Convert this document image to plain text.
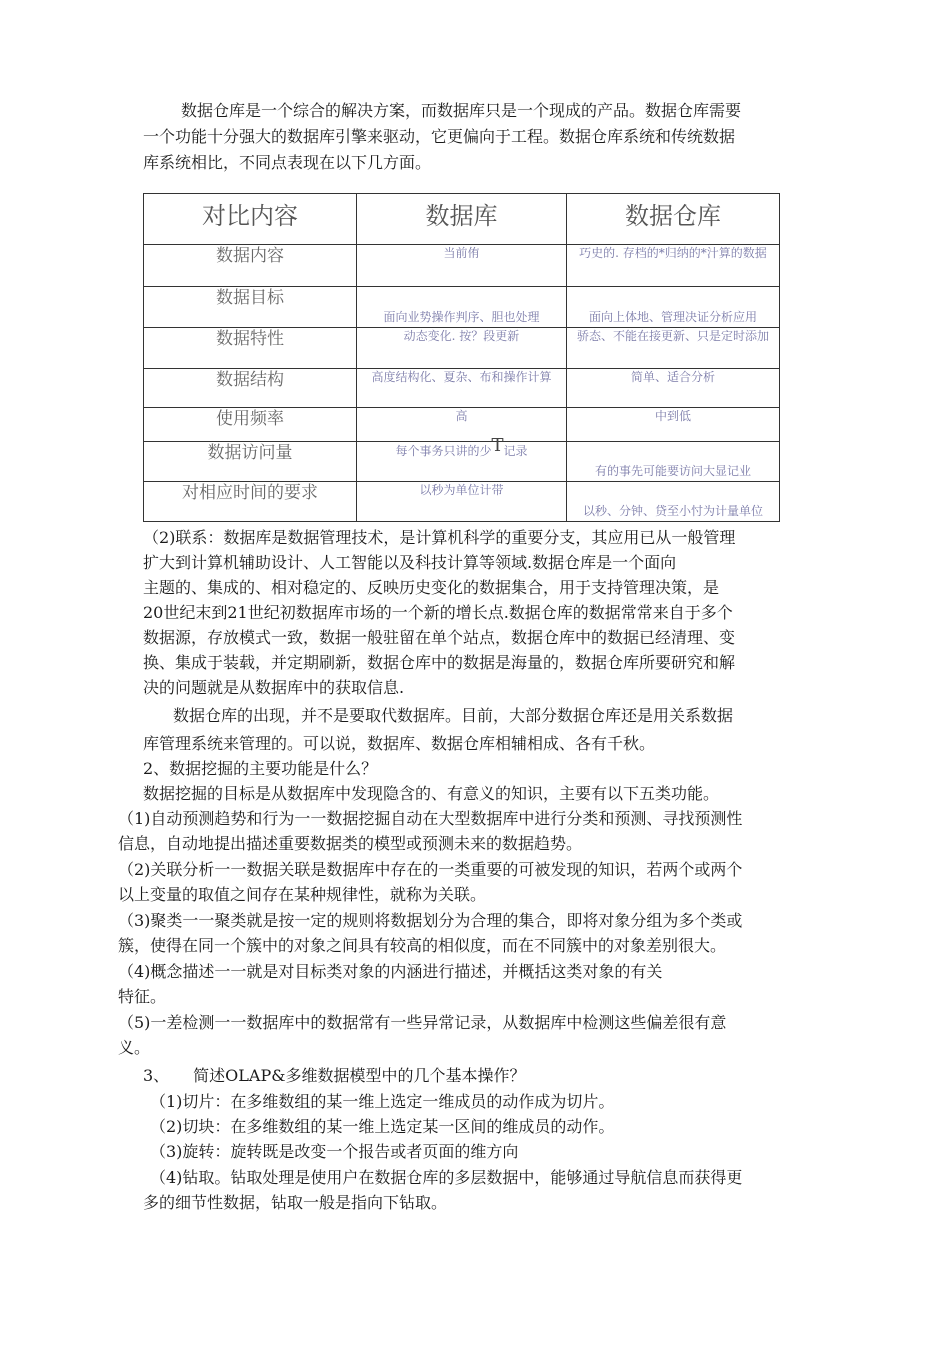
数据仓库是一个综合的解决方案，而数据库只是一个现成的产品。数据仓库需要
一个功能十分强大的数据库引擎来驱动，它更偏向于工程。数据仓库系统和传统数据
库系统相比，不同点表现在以下几方面。
对比内容	数据库	数据仓库
数据内容	当前侑	巧史的. 存档的*归纳的*汁算的数据
数据目标	面向业势操作判序、胆也处理	面向上体地、管理决证分析应用
数据特性	动态变化. 按？段更新	骄态、不能在接更新、只是定时添加
数据结构	高度结构化、夏杂、布和操作计算	简单、适合分析
使用频率	高	中到低
数据访问量	每个事务只讲的少T记录	有的事先可能要访问大显记业
对相应时间的要求	以秒为单位计带	以秒、分钟、贷至小忖为计量单位
（2)联系：数据库是数据管理技术，是计算机科学的重要分支，其应用已从一般管理
扩大到计算机辅助设计、人工智能以及科技计算等领域.数据仓库是一个面向
主题的、集成的、相对稳定的、反映历史变化的数据集合，用于支持管理决策，是
20世纪末到21世纪初数据库市场的一个新的增长点.数据仓库的数据常常来自于多个
数据源，存放模式一致，数据一般驻留在单个站点，数据仓库中的数据已经清理、变
换、集成于装载，并定期刷新，数据仓库中的数据是海量的，数据仓库所要研究和解
决的问题就是从数据库中的获取信息.
数据仓库的出现，并不是要取代数据库。目前，大部分数据仓库还是用关系数据
库管理系统来管理的。可以说，数据库、数据仓库相辅相成、各有千秋。
2、数据挖掘的主要功能是什么？
数据挖掘的目标是从数据库中发现隐含的、有意义的知识，主要有以下五类功能。
（1)自动预测趋势和行为一一数据挖掘自动在大型数据库中进行分类和预测、寻找预测性
信息，自动地提出描述重要数据类的模型或预测未来的数据趋势。
（2)关联分析一一数据关联是数据库中存在的一类重要的可被发现的知识，若两个或两个
以上变量的取值之间存在某种规律性，就称为关联。
（3)聚类一一聚类就是按一定的规则将数据划分为合理的集合，即将对象分组为多个类或
簇，使得在同一个簇中的对象之间具有较高的相似度，而在不同簇中的对象差别很大。
（4)概念描述一一就是对目标类对象的内涵进行描述，并概括这类对象的有关
特征。
（5)一差检测一一数据库中的数据常有一些异常记录，从数据库中检测这些偏差很有意
义。
3、　　简述OLAP&多维数据模型中的几个基本操作？
（1)切片：在多维数组的某一维上选定一维成员的动作成为切片。
（2)切块：在多维数组的某一维上选定某一区间的维成员的动作。
（3)旋转：旋转既是改变一个报告或者页面的维方向
（4)钻取。钻取处理是使用户在数据仓库的多层数据中，能够通过导航信息而获得更
多的细节性数据，钻取一般是指向下钻取。
